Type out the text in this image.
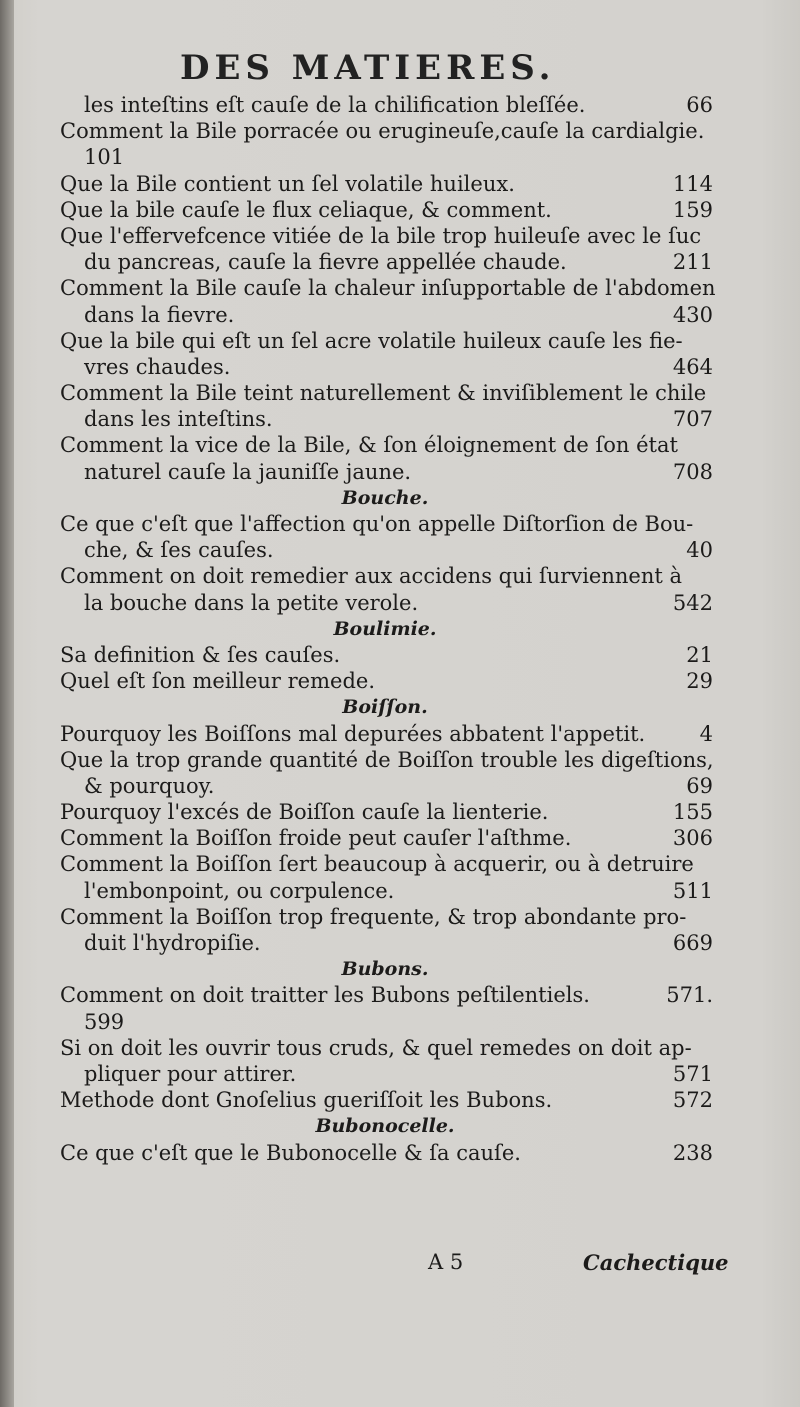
DES MATIERES.
les inteſtins eſt cauſe de la chilification bleſſée.	66
Comment la Bile porracée ou erugineuſe,cauſe la cardialgie.
101
Que la Bile contient un ſel volatile huileux.	114
Que la bile cauſe le flux celiaque, & comment.	159
Que l'effervefcence vitiée de la bile trop huileuſe avec le ſuc
du pancreas, cauſe la fievre appellée chaude.	211
Comment la Bile cauſe la chaleur inſupportable de l'abdomen
dans la fievre.	430
Que la bile qui eſt un ſel acre volatile huileux cauſe les fie-
vres chaudes.	464
Comment la Bile teint naturellement & inviſiblement le chile
dans les inteſtins.	707
Comment la vice de la Bile, & ſon éloignement de ſon état
naturel cauſe la jauniſſe jaune.	708
Bouche.
Ce que c'eſt que l'affection qu'on appelle Diſtorſion de Bou-
che, & ſes cauſes.	40
Comment on doit remedier aux accidens qui ſurviennent à
la bouche dans la petite verole.	542
Boulimie.
Sa definition & ſes cauſes.	21
Quel eſt ſon meilleur remede.	29
Boiſſon.
Pourquoy les Boiſſons mal depurées abbatent l'appetit.	4
Que la trop grande quantité de Boiſſon trouble les digeſtions,
& pourquoy.	69
Pourquoy l'excés de Boiſſon cauſe la lienterie.	155
Comment la Boiſſon froide peut cauſer l'aſthme.	306
Comment la Boiſſon ſert beaucoup à acquerir, ou à detruire
l'embonpoint, ou corpulence.	511
Comment la Boiſſon trop frequente, & trop abondante pro-
duit l'hydropiſie.	669
Bubons.
Comment on doit traitter les Bubons peſtilentiels.	571.
599
Si on doit les ouvrir tous cruds, & quel remedes on doit ap-
pliquer pour attirer.	571
Methode dont Gnoſelius gueriſſoit les Bubons.	572
Bubonocelle.
Ce que c'eſt que le Bubonocelle & ſa cauſe.	238
A 5	Cachectique
